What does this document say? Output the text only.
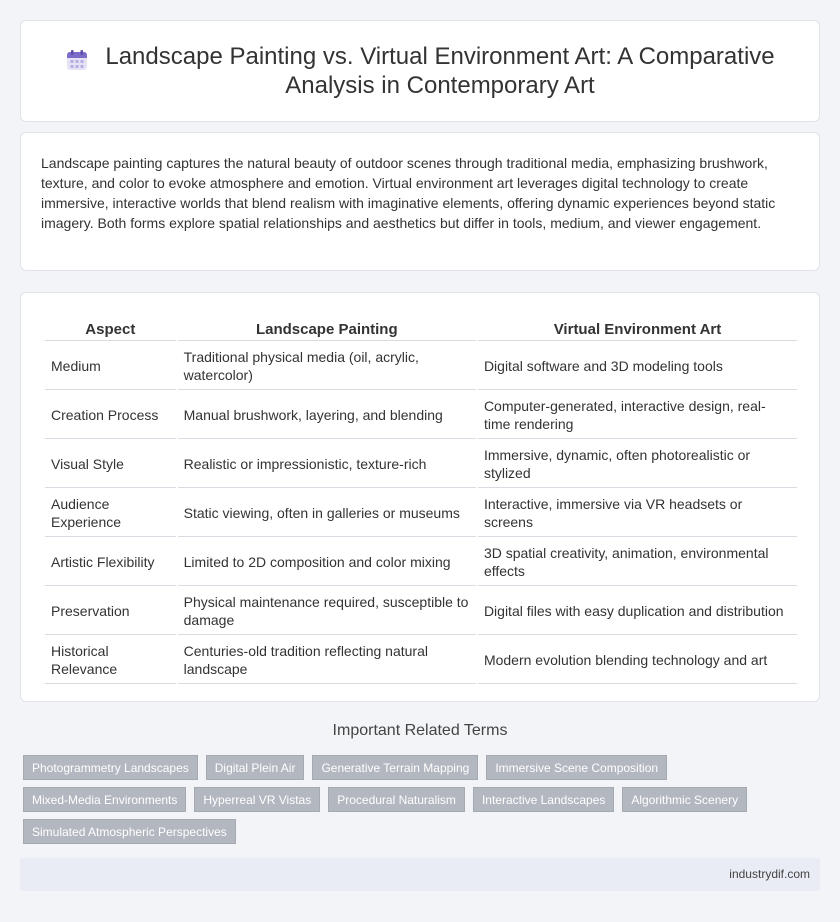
Landscape Painting vs. Virtual Environment Art: A Comparative Analysis in Contemporary Art

Landscape painting captures the natural beauty of outdoor scenes through traditional media, emphasizing brushwork, texture, and color to evoke atmosphere and emotion. Virtual environment art leverages digital technology to create immersive, interactive worlds that blend realism with imaginative elements, offering dynamic experiences beyond static imagery. Both forms explore spatial relationships and aesthetics but differ in tools, medium, and viewer engagement.

Aspect	Landscape Painting	Virtual Environment Art
Medium	Traditional physical media (oil, acrylic, watercolor)	Digital software and 3D modeling tools
Creation Process	Manual brushwork, layering, and blending	Computer-generated, interactive design, real-time rendering
Visual Style	Realistic or impressionistic, texture-rich	Immersive, dynamic, often photorealistic or stylized
Audience Experience	Static viewing, often in galleries or museums	Interactive, immersive via VR headsets or screens
Artistic Flexibility	Limited to 2D composition and color mixing	3D spatial creativity, animation, environmental effects
Preservation	Physical maintenance required, susceptible to damage	Digital files with easy duplication and distribution
Historical Relevance	Centuries-old tradition reflecting natural landscape	Modern evolution blending technology and art
Important Related Terms
Photogrammetry Landscapes	Digital Plein Air	Generative Terrain Mapping	Immersive Scene Composition
Mixed-Media Environments	Hyperreal VR Vistas	Procedural Naturalism	Interactive Landscapes	Algorithmic Scenery
Simulated Atmospheric Perspectives
industrydif.com
